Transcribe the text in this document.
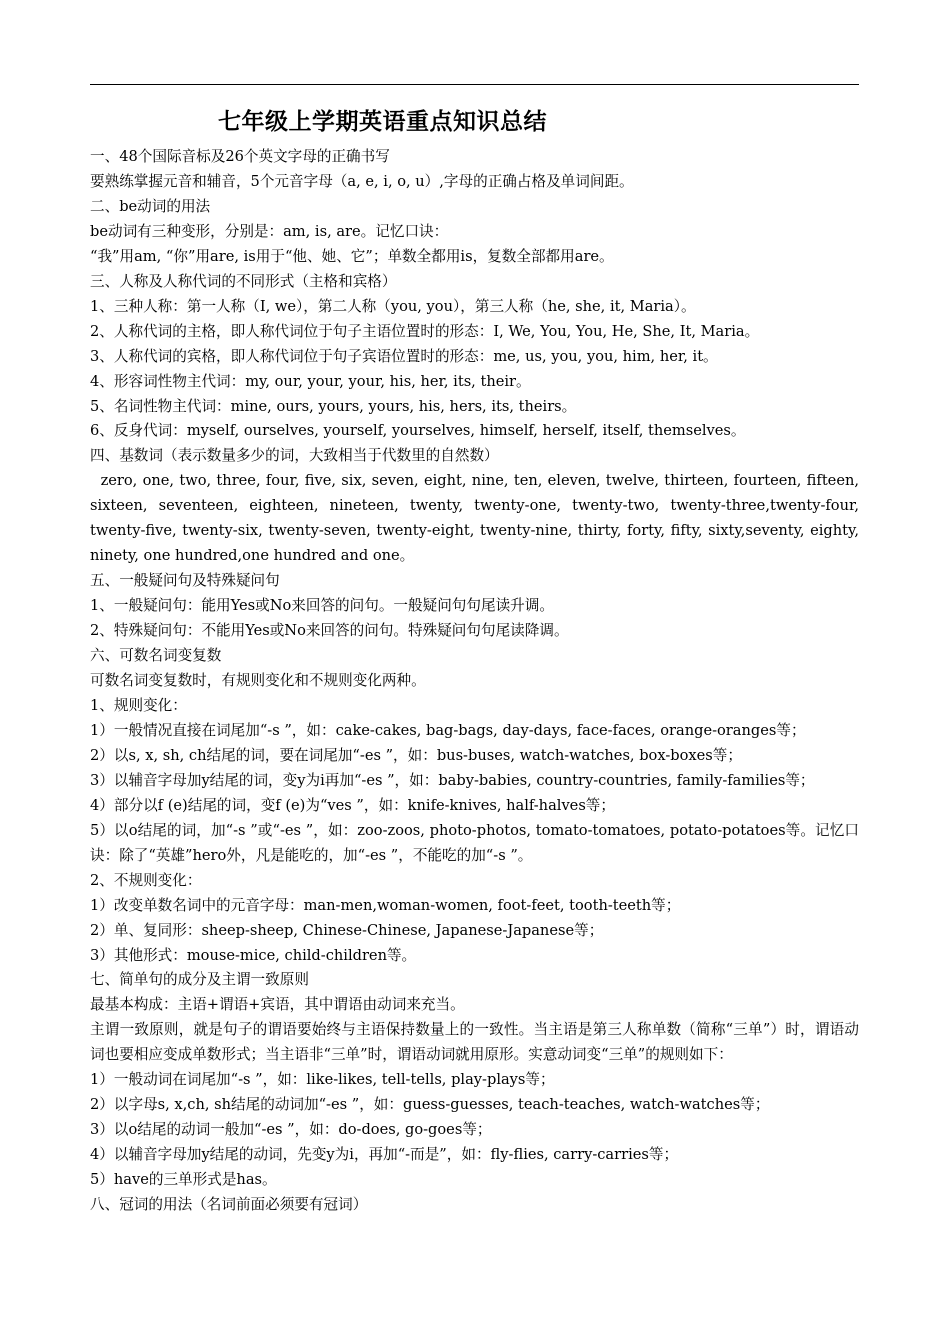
七年级上学期英语重点知识总结

一、48个国际音标及26个英文字母的正确书写

要熟练掌握元音和辅音，5个元音字母（a, e, i, o, u）,字母的正确占格及单词间距。

二、be动词的用法

be动词有三种变形，分别是：am, is, are。记忆口诀：

“我”用am, “你”用are, is用于“他、她、它”；单数全都用is，复数全部都用are。

三、人称及人称代词的不同形式（主格和宾格）

1、三种人称：第一人称（I, we），第二人称（you, you），第三人称（he, she, it, Maria）。

2、人称代词的主格，即人称代词位于句子主语位置时的形态：I, We, You, You, He, She, It, Maria。

3、人称代词的宾格，即人称代词位于句子宾语位置时的形态：me, us, you, you, him, her, it。

4、形容词性物主代词：my, our, your, your, his, her, its, their。

5、名词性物主代词：mine, ours, yours, yours, his, hers, its, theirs。

6、反身代词：myself, ourselves, yourself, yourselves, himself, herself, itself, themselves。

四、基数词（表示数量多少的词，大致相当于代数里的自然数）

zero, one, two, three, four, five, six, seven, eight, nine, ten, eleven, twelve, thirteen, fourteen, fifteen, sixteen, seventeen, eighteen, nineteen, twenty, twenty-one, twenty-two, twenty-three,twenty-four, twenty-five, twenty-six, twenty-seven, twenty-eight, twenty-nine, thirty, forty, fifty, sixty,seventy, eighty, ninety, one hundred,one hundred and one。

五、一般疑问句及特殊疑问句

1、一般疑问句：能用Yes或No来回答的问句。一般疑问句句尾读升调。

2、特殊疑问句：不能用Yes或No来回答的问句。特殊疑问句句尾读降调。

六、可数名词变复数

可数名词变复数时，有规则变化和不规则变化两种。

1、规则变化：

1）一般情况直接在词尾加“-s ”，如：cake-cakes, bag-bags, day-days, face-faces, orange-oranges等；

2）以s, x, sh, ch结尾的词，要在词尾加“-es ”，如：bus-buses, watch-watches, box-boxes等；

3）以辅音字母加y结尾的词，变y为i再加“-es ”，如：baby-babies, country-countries, family-families等；

4）部分以f (e)结尾的词，变f (e)为“ves ”，如：knife-knives, half-halves等；

5）以o结尾的词，加“-s ”或“-es ”，如：zoo-zoos, photo-photos, tomato-tomatoes, potato-potatoes等。记忆口诀：除了“英雄”hero外，凡是能吃的，加“-es ”，不能吃的加“-s ”。

2、不规则变化：

1）改变单数名词中的元音字母：man-men,woman-women, foot-feet, tooth-teeth等；

2）单、复同形：sheep-sheep, Chinese-Chinese, Japanese-Japanese等；

3）其他形式：mouse-mice, child-children等。

七、简单句的成分及主谓一致原则

最基本构成：主语+谓语+宾语，其中谓语由动词来充当。

主谓一致原则，就是句子的谓语要始终与主语保持数量上的一致性。当主语是第三人称单数（简称“三单”）时，谓语动词也要相应变成单数形式；当主语非“三单”时，谓语动词就用原形。实意动词变“三单”的规则如下：

1）一般动词在词尾加“-s ”，如：like-likes, tell-tells, play-plays等；

2）以字母s, x,ch, sh结尾的动词加“-es ”，如：guess-guesses, teach-teaches, watch-watches等；

3）以o结尾的动词一般加“-es ”，如：do-does, go-goes等；

4）以辅音字母加y结尾的动词，先变y为i，再加“-而是”，如：fly-flies, carry-carries等；

5）have的三单形式是has。

八、冠词的用法（名词前面必须要有冠词）
